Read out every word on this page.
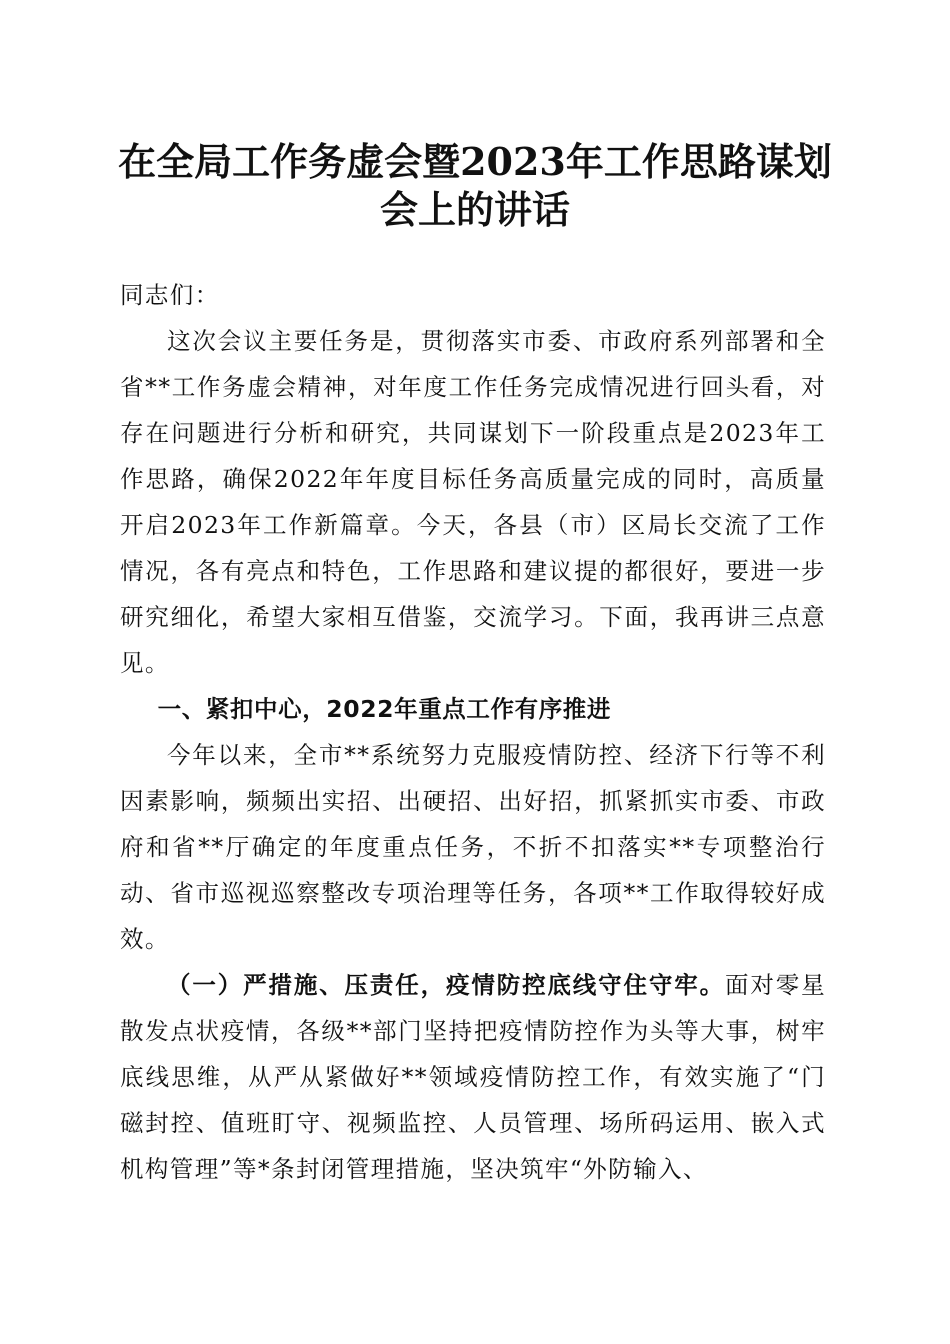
在全局工作务虚会暨2023年工作思路谋划会上的讲话

同志们：

这次会议主要任务是，贯彻落实市委、市政府系列部署和全省**工作务虚会精神，对年度工作任务完成情况进行回头看，对存在问题进行分析和研究，共同谋划下一阶段重点是2023年工作思路，确保2022年年度目标任务高质量完成的同时，高质量开启2023年工作新篇章。今天，各县（市）区局长交流了工作情况，各有亮点和特色，工作思路和建议提的都很好，要进一步研究细化，希望大家相互借鉴，交流学习。下面，我再讲三点意见。

一、紧扣中心，2022年重点工作有序推进

今年以来，全市**系统努力克服疫情防控、经济下行等不利因素影响，频频出实招、出硬招、出好招，抓紧抓实市委、市政府和省**厅确定的年度重点任务，不折不扣落实**专项整治行动、省市巡视巡察整改专项治理等任务，各项**工作取得较好成效。

（一）严措施、压责任，疫情防控底线守住守牢。面对零星散发点状疫情，各级**部门坚持把疫情防控作为头等大事，树牢底线思维，从严从紧做好**领域疫情防控工作，有效实施了“门磁封控、值班盯守、视频监控、人员管理、场所码运用、嵌入式机构管理”等*条封闭管理措施，坚决筑牢“外防输入、
